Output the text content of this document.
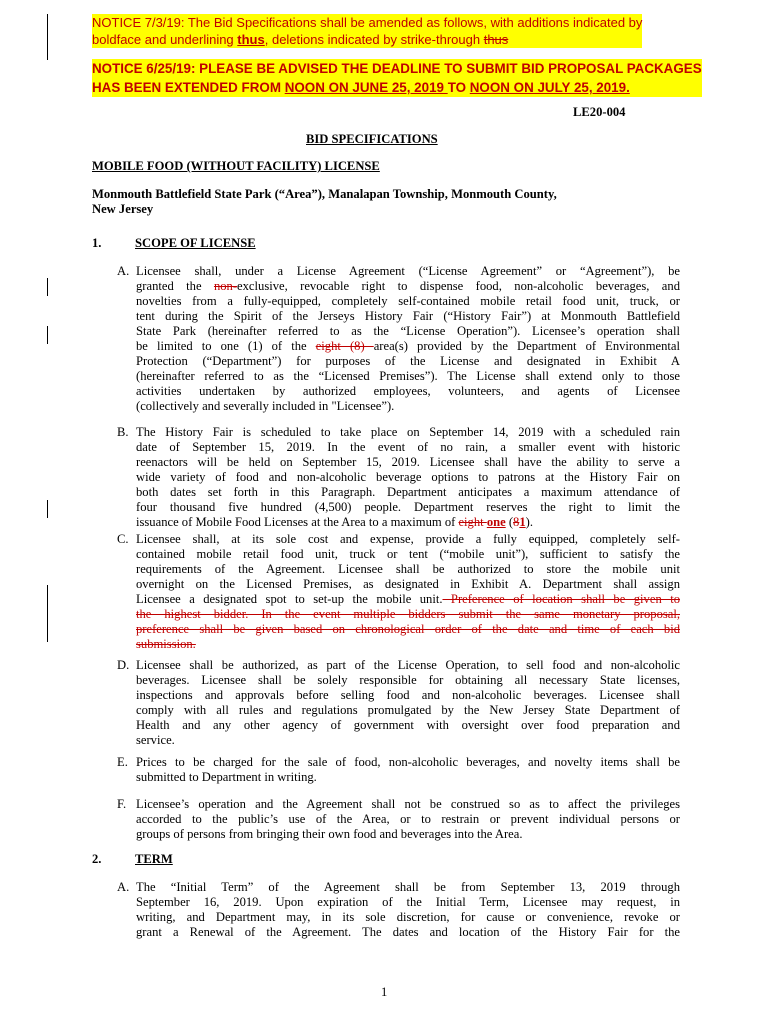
NOTICE 7/3/19: The Bid Specifications shall be amended as follows, with additions indicated by
boldface and underlining thus, deletions indicated by strike-through thus
NOTICE 6/25/19: PLEASE BE ADVISED THE DEADLINE TO SUBMIT BID PROPOSAL PACKAGES
HAS BEEN EXTENDED FROM NOON ON JUNE 25, 2019 TO NOON ON JULY 25, 2019.
LE20-004
BID SPECIFICATIONS
MOBILE FOOD (WITHOUT FACILITY) LICENSE
Monmouth Battlefield State Park (“Area”), Manalapan Township, Monmouth County,
New Jersey
1.	SCOPE OF LICENSE
A. Licensee shall, under a License Agreement (“License Agreement” or “Agreement”), be
granted the non-exclusive, revocable right to dispense food, non-alcoholic beverages, and
novelties from a fully-equipped, completely self-contained mobile retail food unit, truck, or
tent during the Spirit of the Jerseys History Fair (“History Fair”) at Monmouth Battlefield
State Park (hereinafter referred to as the “License Operation”). Licensee’s operation shall
be limited to one (1) of the eight (8) area(s) provided by the Department of Environmental
Protection (“Department”) for purposes of the License and designated in Exhibit A
(hereinafter referred to as the “Licensed Premises”). The License shall extend only to those
activities undertaken by authorized employees, volunteers, and agents of Licensee
(collectively and severally included in "Licensee”).
B. The History Fair is scheduled to take place on September 14, 2019 with a scheduled rain
date of September 15, 2019. In the event of no rain, a smaller event with historic
reenactors will be held on September 15, 2019. Licensee shall have the ability to serve a
wide variety of food and non-alcoholic beverage options to patrons at the History Fair on
both dates set forth in this Paragraph. Department anticipates a maximum attendance of
four thousand five hundred (4,500) people. Department reserves the right to limit the
issuance of Mobile Food Licenses at the Area to a maximum of eight one (81).
C. Licensee shall, at its sole cost and expense, provide a fully equipped, completely self-
contained mobile retail food unit, truck or tent (“mobile unit”), sufficient to satisfy the
requirements of the Agreement. Licensee shall be authorized to store the mobile unit
overnight on the Licensed Premises, as designated in Exhibit A. Department shall assign
Licensee a designated spot to set-up the mobile unit. Preference of location shall be given to
the highest bidder. In the event multiple bidders submit the same monetary proposal,
preference shall be given based on chronological order of the date and time of each bid
submission.
D. Licensee shall be authorized, as part of the License Operation, to sell food and non-alcoholic
beverages. Licensee shall be solely responsible for obtaining all necessary State licenses,
inspections and approvals before selling food and non-alcoholic beverages. Licensee shall
comply with all rules and regulations promulgated by the New Jersey State Department of
Health and any other agency of government with oversight over food preparation and
service.
E. Prices to be charged for the sale of food, non-alcoholic beverages, and novelty items shall be
submitted to Department in writing.
F. Licensee’s operation and the Agreement shall not be construed so as to affect the privileges
accorded to the public’s use of the Area, or to restrain or prevent individual persons or
groups of persons from bringing their own food and beverages into the Area.
2.	TERM
A. The “Initial Term” of the Agreement shall be from September 13, 2019 through
September 16, 2019. Upon expiration of the Initial Term, Licensee may request, in
writing, and Department may, in its sole discretion, for cause or convenience, revoke or
grant a Renewal of the Agreement. The dates and location of the History Fair for the
1
